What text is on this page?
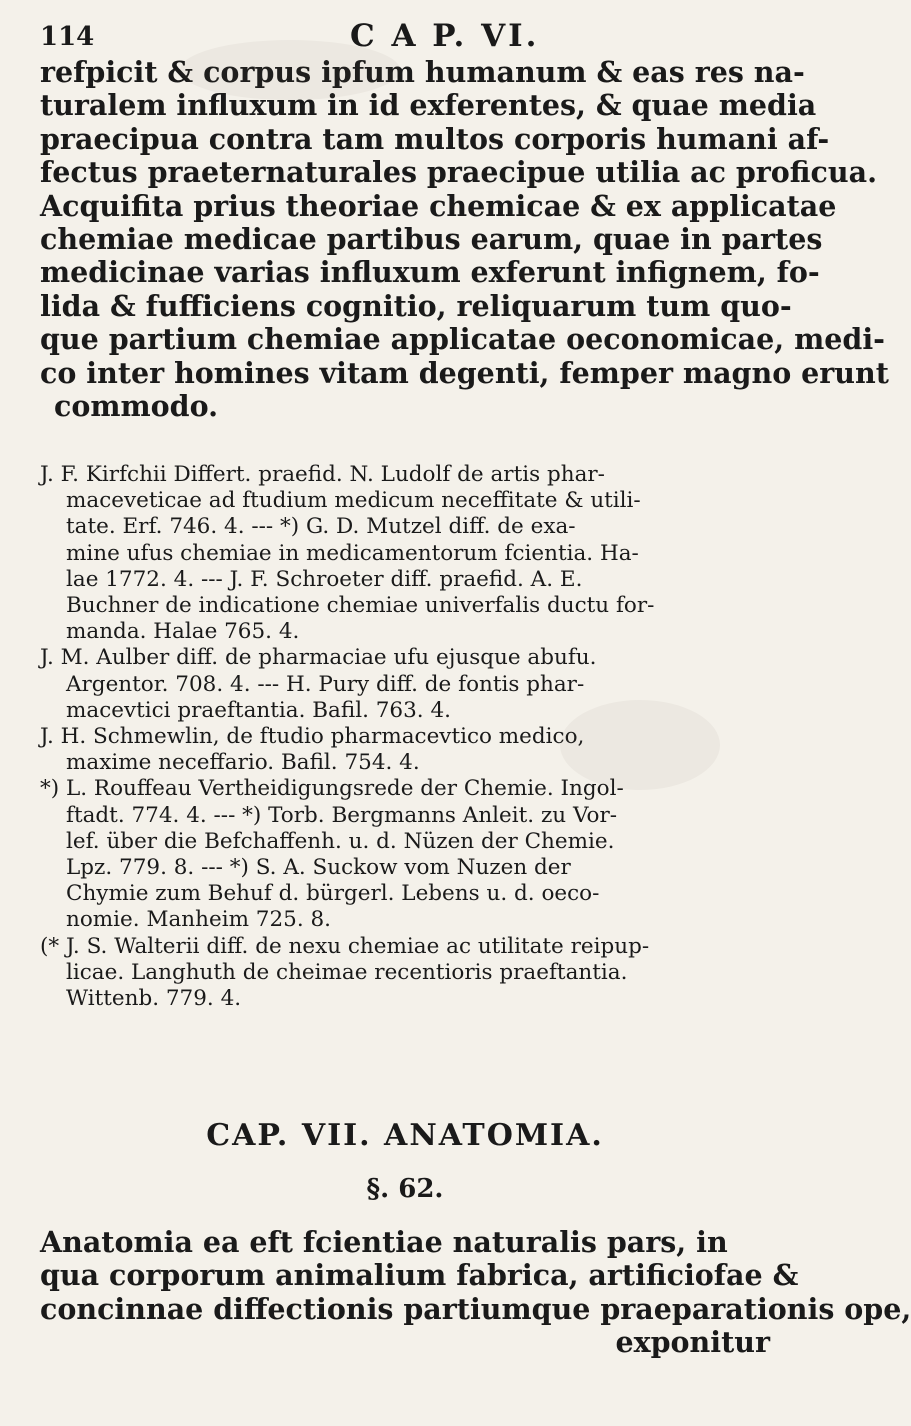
114	C A P. VI.
refpicit & corpus ipfum humanum & eas res na-
turalem influxum in id exferentes, & quae media
praecipua contra tam multos corporis humani af-
fectus praeternaturales praecipue utilia ac proficua.
Acquifita prius theoriae chemicae & ex applicatae
chemiae medicae partibus earum, quae in partes
medicinae varias influxum exferunt infignem, fo-
lida & fufficiens cognitio, reliquarum tum quo-
que partium chemiae applicatae oeconomicae, medi-
co inter homines vitam degenti, femper magno erunt
commodo.
J. F. Kirfchii Differt. praefid. N. Ludolf de artis phar-
maceveticae ad ftudium medicum neceffitate & utili-
tate. Erf. 746. 4. --- *) G. D. Mutzel diff. de exa-
mine ufus chemiae in medicamentorum fcientia. Ha-
lae 1772. 4. --- J. F. Schroeter diff. praefid. A. E.
Buchner de indicatione chemiae univerfalis ductu for-
manda. Halae 765. 4.
J. M. Aulber diff. de pharmaciae ufu ejusque abufu.
Argentor. 708. 4. --- H. Pury diff. de fontis phar-
macevtici praeftantia. Bafil. 763. 4.
J. H. Schmewlin, de ftudio pharmacevtico medico,
maxime neceffario. Bafil. 754. 4.
*) L. Rouffeau Vertheidigungsrede der Chemie. Ingol-
ftadt. 774. 4. --- *) Torb. Bergmanns Anleit. zu Vor-
lef. über die Befchaffenh. u. d. Nüzen der Chemie.
Lpz. 779. 8. --- *) S. A. Suckow vom Nuzen der
Chymie zum Behuf d. bürgerl. Lebens u. d. oeco-
nomie. Manheim 725. 8.
(* J. S. Walterii diff. de nexu chemiae ac utilitate reipup-
licae. Langhuth de cheimae recentioris praeftantia.
Wittenb. 779. 4.
CAP. VII. ANATOMIA.
§. 62.
Anatomia ea eft fcientiae naturalis pars, in
qua corporum animalium fabrica, artificiofae &
concinnae diffectionis partiumque praeparationis ope,
exponitur
